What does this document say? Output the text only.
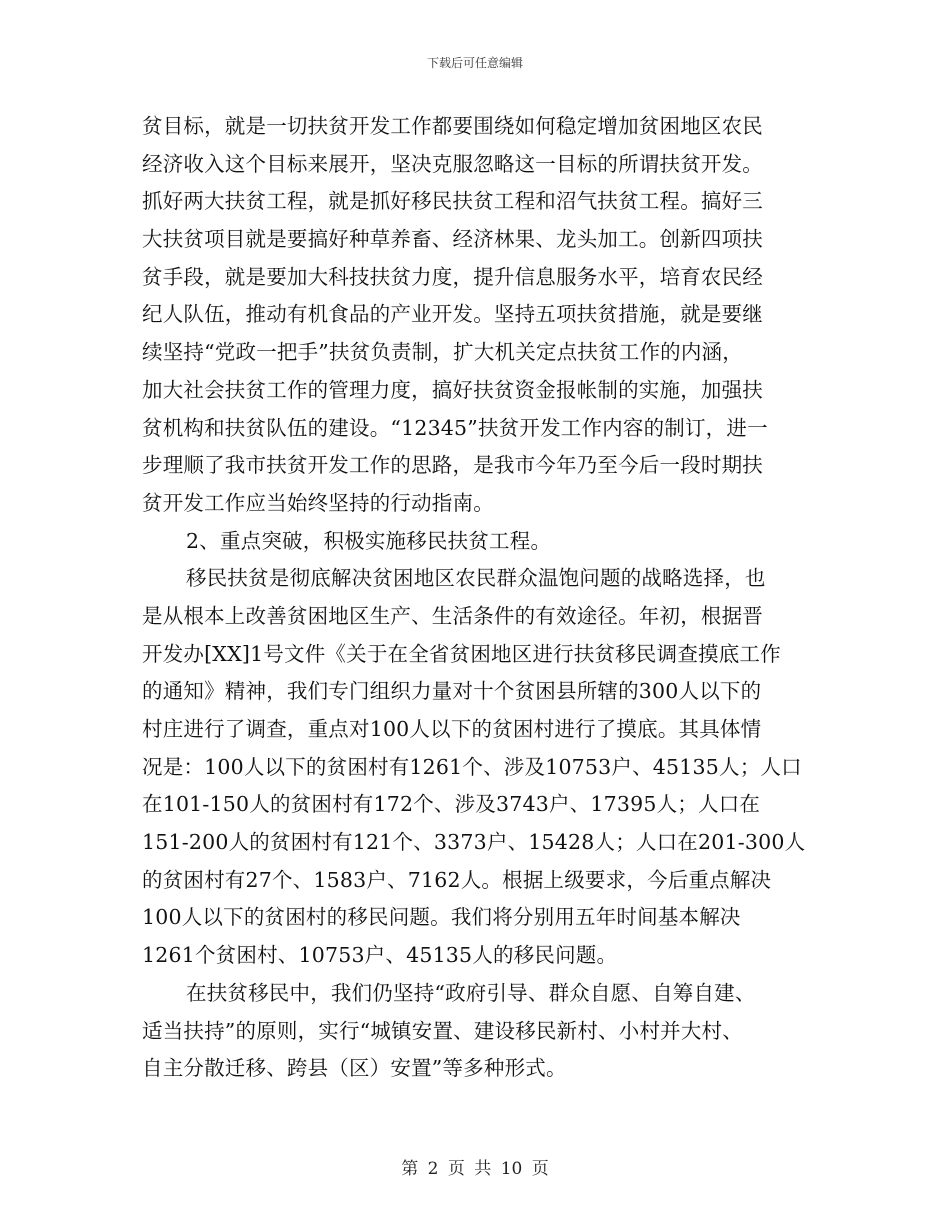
下载后可任意编辑
贫目标，就是一切扶贫开发工作都要围绕如何稳定增加贫困地区农民
经济收入这个目标来展开，坚决克服忽略这一目标的所谓扶贫开发。
抓好两大扶贫工程，就是抓好移民扶贫工程和沼气扶贫工程。搞好三
大扶贫项目就是要搞好种草养畜、经济林果、龙头加工。创新四项扶
贫手段，就是要加大科技扶贫力度，提升信息服务水平，培育农民经
纪人队伍，推动有机食品的产业开发。坚持五项扶贫措施，就是要继
续坚持“党政一把手”扶贫负责制，扩大机关定点扶贫工作的内涵，
加大社会扶贫工作的管理力度，搞好扶贫资金报帐制的实施，加强扶
贫机构和扶贫队伍的建设。“12345”扶贫开发工作内容的制订，进一
步理顺了我市扶贫开发工作的思路，是我市今年乃至今后一段时期扶
贫开发工作应当始终坚持的行动指南。
2、重点突破，积极实施移民扶贫工程。
移民扶贫是彻底解决贫困地区农民群众温饱问题的战略选择，也
是从根本上改善贫困地区生产、生活条件的有效途径。年初，根据晋
开发办[XX]1号文件《关于在全省贫困地区进行扶贫移民调查摸底工作
的通知》精神，我们专门组织力量对十个贫困县所辖的300人以下的
村庄进行了调查，重点对100人以下的贫困村进行了摸底。其具体情
况是：100人以下的贫困村有1261个、涉及10753户、45135人；人口
在101-150人的贫困村有172个、涉及3743户、17395人；人口在
151-200人的贫困村有121个、3373户、15428人；人口在201-300人
的贫困村有27个、1583户、7162人。根据上级要求，今后重点解决
100人以下的贫困村的移民问题。我们将分别用五年时间基本解决
1261个贫困村、10753户、45135人的移民问题。
在扶贫移民中，我们仍坚持“政府引导、群众自愿、自筹自建、
适当扶持”的原则，实行“城镇安置、建设移民新村、小村并大村、
自主分散迁移、跨县（区）安置”等多种形式。
第 2 页 共 10 页
